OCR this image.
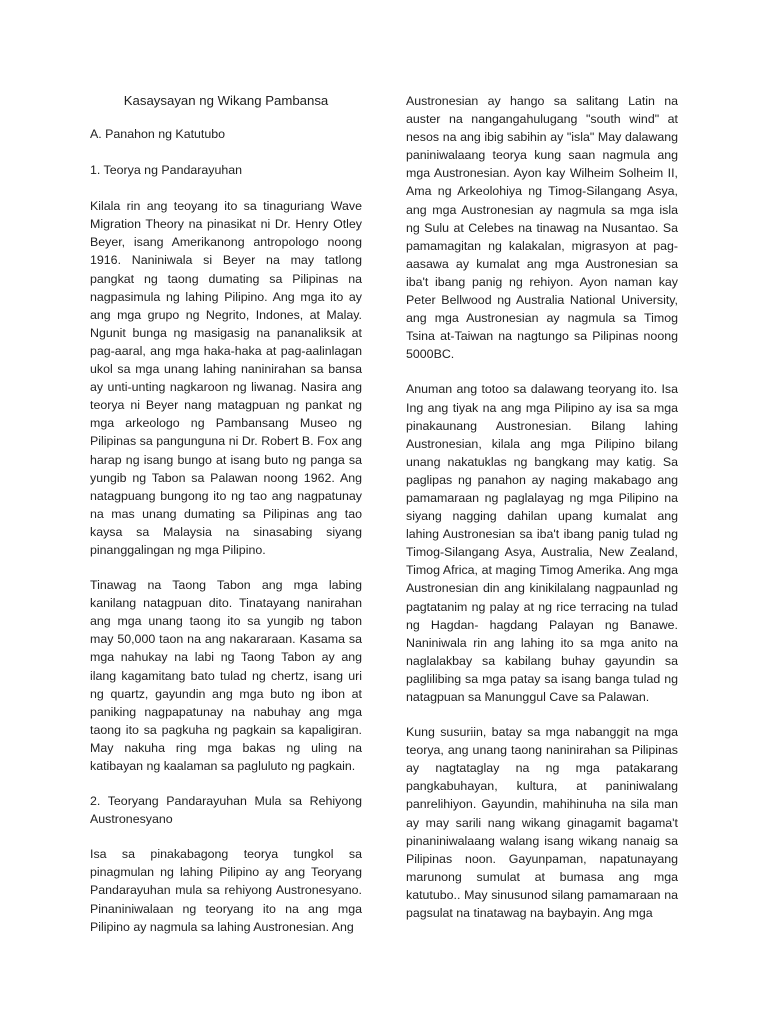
Kasaysayan ng Wikang Pambansa

A. Panahon ng Katutubo

1. Teorya ng Pandarayuhan

Kilala rin ang teoyang ito sa tinaguriang Wave Migration Theory na pinasikat ni Dr. Henry Otley Beyer, isang Amerikanong antropologo noong 1916. Naniniwala si Beyer na may tatlong pangkat ng taong dumating sa Pilipinas na nagpasimula ng lahing Pilipino. Ang mga ito ay ang mga grupo ng Negrito, Indones, at Malay. Ngunit bunga ng masigasig na pananaliksik at pag-aaral, ang mga haka-haka at pag-aalinlagan ukol sa mga unang lahing naninirahan sa bansa ay unti-unting nagkaroon ng liwanag. Nasira ang teorya ni Beyer nang matagpuan ng pankat ng mga arkeologo ng Pambansang Museo ng Pilipinas sa pangunguna ni Dr. Robert B. Fox ang harap ng isang bungo at isang buto ng panga sa yungib ng Tabon sa Palawan noong 1962. Ang natagpuang bungong ito ng tao ang nagpatunay na mas unang dumating sa Pilipinas ang tao kaysa sa Malaysia na sinasabing siyang pinanggalingan ng mga Pilipino.

Tinawag na Taong Tabon ang mga labing kanilang natagpuan dito. Tinatayang nanirahan ang mga unang taong ito sa yungib ng tabon may 50,000 taon na ang nakararaan. Kasama sa mga nahukay na labi ng Taong Tabon ay ang ilang kagamitang bato tulad ng chertz, isang uri ng quartz, gayundin ang mga buto ng ibon at paniking nagpapatunay na nabuhay ang mga taong ito sa pagkuha ng pagkain sa kapaligiran. May nakuha ring mga bakas ng uling na katibayan ng kaalaman sa pagluluto ng pagkain.

2. Teoryang Pandarayuhan Mula sa Rehiyong Austronesyano

Isa sa pinakabagong teorya tungkol sa pinagmulan ng lahing Pilipino ay ang Teoryang Pandarayuhan mula sa rehiyong Austronesyano. Pinaniniwalaan ng teoryang ito na ang mga Pilipino ay nagmula sa lahing Austronesian. Ang

Austronesian ay hango sa salitang Latin na auster na nangangahulugang "south wind" at nesos na ang ibig sabihin ay "isla" May dalawang paniniwalaang teorya kung saan nagmula ang mga Austronesian. Ayon kay Wilheim Solheim II, Ama ng Arkeolohiya ng Timog-Silangang Asya, ang mga Austronesian ay nagmula sa mga isla ng Sulu at Celebes na tinawag na Nusantao. Sa pamamagitan ng kalakalan, migrasyon at pag-aasawa ay kumalat ang mga Austronesian sa iba't ibang panig ng rehiyon. Ayon naman kay Peter Bellwood ng Australia National University, ang mga Austronesian ay nagmula sa Timog Tsina at-Taiwan na nagtungo sa Pilipinas noong 5000BC.

Anuman ang totoo sa dalawang teoryang ito. Isa Ing ang tiyak na ang mga Pilipino ay isa sa mga pinakaunang Austronesian. Bilang lahing Austronesian, kilala ang mga Pilipino bilang unang nakatuklas ng bangkang may katig. Sa paglipas ng panahon ay naging makabago ang pamamaraan ng paglalayag ng mga Pilipino na siyang nagging dahilan upang kumalat ang lahing Austronesian sa iba't ibang panig tulad ng Timog-Silangang Asya, Australia, New Zealand, Timog Africa, at maging Timog Amerika. Ang mga Austronesian din ang kinikilalang nagpaunlad ng pagtatanim ng palay at ng rice terracing na tulad ng Hagdan- hagdang Palayan ng Banawe. Naniniwala rin ang lahing ito sa mga anito na naglalakbay sa kabilang buhay gayundin sa paglilibing sa mga patay sa isang banga tulad ng natagpuan sa Manunggul Cave sa Palawan.

Kung susuriin, batay sa mga nabanggit na mga teorya, ang unang taong naninirahan sa Pilipinas ay nagtataglay na ng mga patakarang pangkabuhayan, kultura, at paniniwalang panrelihiyon. Gayundin, mahihinuha na sila man ay may sarili nang wikang ginagamit bagama't pinaniniwalaang walang isang wikang nanaig sa Pilipinas noon. Gayunpaman, napatunayang marunong sumulat at bumasa ang mga katutubo.. May sinusunod silang pamamaraan na pagsulat na tinatawag na baybayin. Ang mga
